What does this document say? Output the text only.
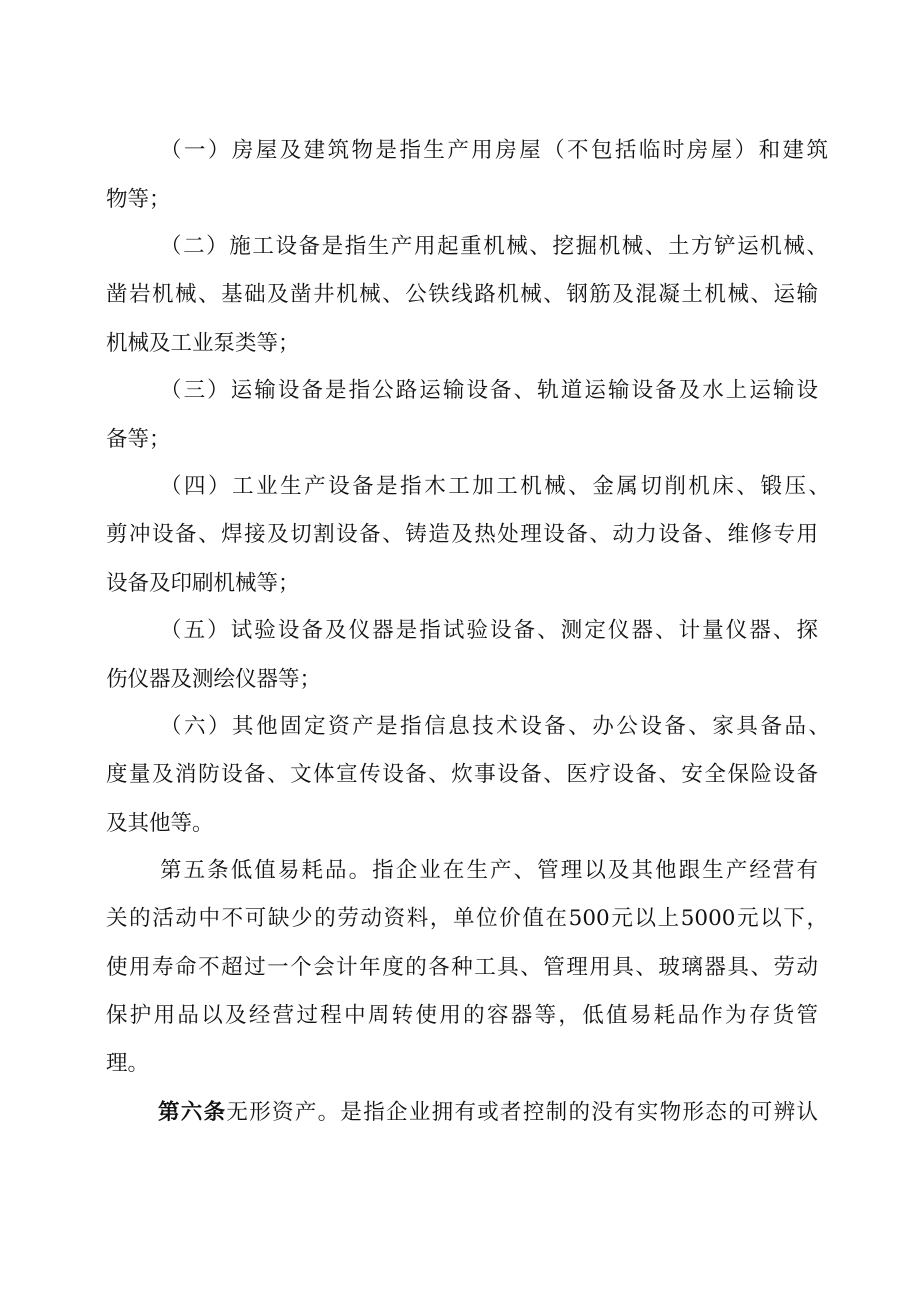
（一）房屋及建筑物是指生产用房屋（不包括临时房屋）和建筑
物等；
（二）施工设备是指生产用起重机械、挖掘机械、土方铲运机械、
凿岩机械、基础及凿井机械、公铁线路机械、钢筋及混凝土机械、运输
机械及工业泵类等；
（三）运输设备是指公路运输设备、轨道运输设备及水上运输设
备等；
（四）工业生产设备是指木工加工机械、金属切削机床、锻压、
剪冲设备、焊接及切割设备、铸造及热处理设备、动力设备、维修专用
设备及印刷机械等；
（五）试验设备及仪器是指试验设备、测定仪器、计量仪器、探
伤仪器及测绘仪器等；
（六）其他固定资产是指信息技术设备、办公设备、家具备品、
度量及消防设备、文体宣传设备、炊事设备、医疗设备、安全保险设备
及其他等。
第五条低值易耗品。指企业在生产、管理以及其他跟生产经营有
关的活动中不可缺少的劳动资料，单位价值在500元以上5000元以下，
使用寿命不超过一个会计年度的各种工具、管理用具、玻璃器具、劳动
保护用品以及经营过程中周转使用的容器等，低值易耗品作为存货管
理。
第六条无形资产。是指企业拥有或者控制的没有实物形态的可辨认
